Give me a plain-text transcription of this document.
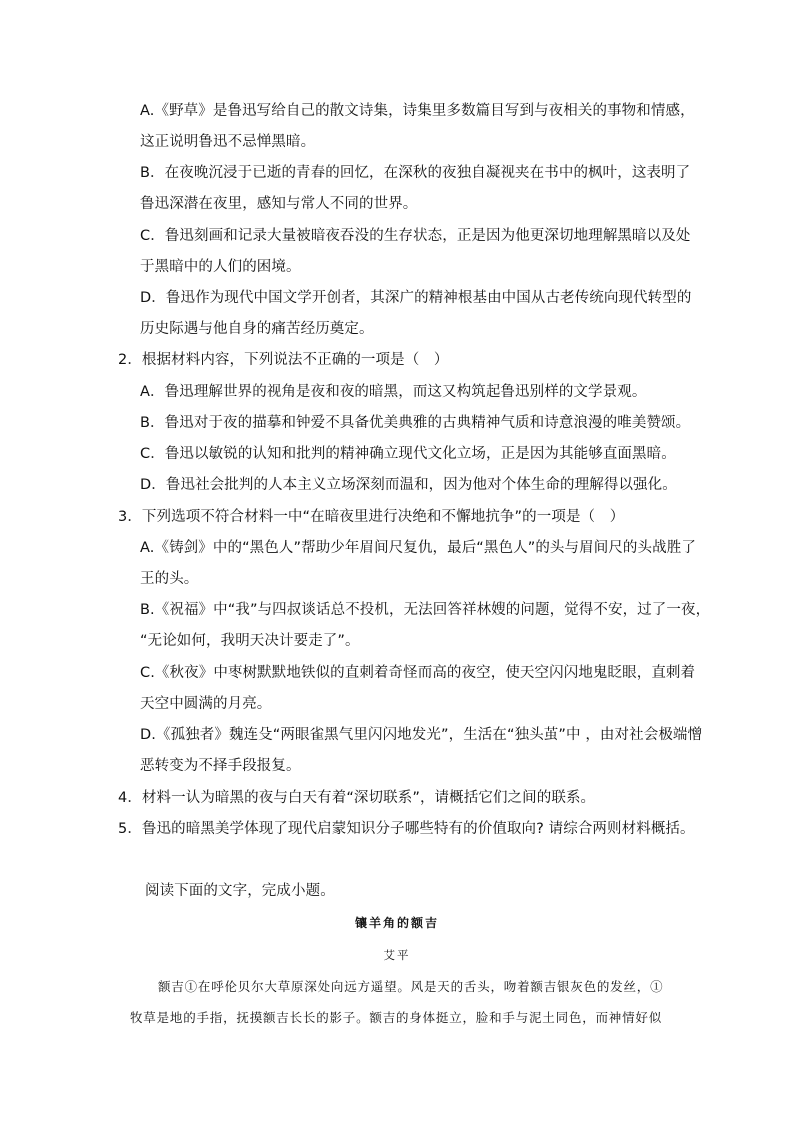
A.《野草》是鲁迅写给自己的散文诗集，诗集里多数篇目写到与夜相关的事物和情感，
这正说明鲁迅不忌惮黑暗。
B．在夜晚沉浸于已逝的青春的回忆，在深秋的夜独自凝视夹在书中的枫叶，这表明了
鲁迅深潜在夜里，感知与常人不同的世界。
C．鲁迅刻画和记录大量被暗夜吞没的生存状态，正是因为他更深切地理解黑暗以及处
于黑暗中的人们的困境。
D．鲁迅作为现代中国文学开创者，其深广的精神根基由中国从古老传统向现代转型的
历史际遇与他自身的痛苦经历奠定。
2．根据材料内容，下列说法不正确的一项是（　）
A．鲁迅理解世界的视角是夜和夜的暗黑，而这又构筑起鲁迅别样的文学景观。
B．鲁迅对于夜的描摹和钟爱不具备优美典雅的古典精神气质和诗意浪漫的唯美赞颂。
C．鲁迅以敏锐的认知和批判的精神确立现代文化立场，正是因为其能够直面黑暗。
D．鲁迅社会批判的人本主义立场深刻而温和，因为他对个体生命的理解得以强化。
3．下列选项不符合材料一中“在暗夜里进行决绝和不懈地抗争”的一项是（　）
A.《铸剑》中的“黑色人”帮助少年眉间尺复仇，最后“黑色人”的头与眉间尺的头战胜了
王的头。
B.《祝福》中“我”与四叔谈话总不投机，无法回答祥林嫂的问题，觉得不安，过了一夜，
“无论如何，我明天决计要走了”。
C.《秋夜》中枣树默默地铁似的直刺着奇怪而高的夜空，使天空闪闪地鬼眨眼，直刺着
天空中圆满的月亮。
D.《孤独者》魏连殳“两眼雀黑气里闪闪地发光”，生活在“独头茧”中 ，由对社会极端憎
恶转变为不择手段报复。
4．材料一认为暗黑的夜与白天有着“深切联系”，请概括它们之间的联系。
5．鲁迅的暗黑美学体现了现代启蒙知识分子哪些特有的价值取向? 请综合两则材料概括。
阅读下面的文字，完成小题。
镶羊角的额吉
艾平
额吉①在呼伦贝尔大草原深处向远方遥望。风是天的舌头，吻着额吉银灰色的发丝，①
牧草是地的手指，抚摸额吉长长的影子。额吉的身体挺立，脸和手与泥土同色，而神情好似
